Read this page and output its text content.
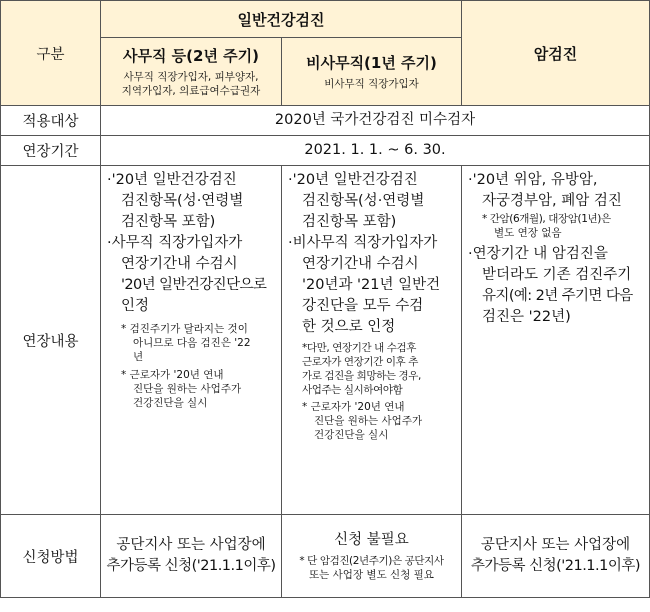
구분
일반건강검진
사무직 등(2년 주기)
사무직 직장가입자, 피부양자,
지역가입자, 의료급여수급권자
비사무직(1년 주기)
비사무직 직장가입자
암검진
적용대상	2020년 국가건강검진 미수검자
연장기간	2021. 1. 1. ~ 6. 30.
연장내용
·'20년 일반건강검진
검진항목(성·연령별
검진항목 포함)
·사무직 직장가입자가
연장기간내 수검시
'20년 일반건강진단으로
인정
* 검진주기가 달라지는 것이
아니므로 다음 검진은 '22
년
* 근로자가 '20년 연내
진단을 원하는 사업주가
건강진단을 실시
·'20년 일반건강검진
검진항목(성·연령별
검진항목 포함)
·비사무직 직장가입자가
연장기간내 수검시
'20년과 '21년 일반건
강진단을 모두 수검
한 것으로 인정
*다만, 연장기간 내 수검후
근로자가 연장기간 이후 추
가로 검진을 희망하는 경우,
사업주는 실시하여야함
* 근로자가 '20년 연내
진단을 원하는 사업주가
건강진단을 실시
·'20년 위암, 유방암,
자궁경부암, 폐암 검진
* 간암(6개월), 대장암(1년)은
별도 연장 없음
·연장기간 내 암검진을
받더라도 기존 검진주기
유지(예: 2년 주기면 다음
검진은 '22년)
신청방법
공단지사 또는 사업장에
추가등록 신청('21.1.1이후)
신청 불필요
* 단 암검진(2년주기)은 공단지사
또는 사업장 별도 신청 필요
공단지사 또는 사업장에
추가등록 신청('21.1.1이후)
